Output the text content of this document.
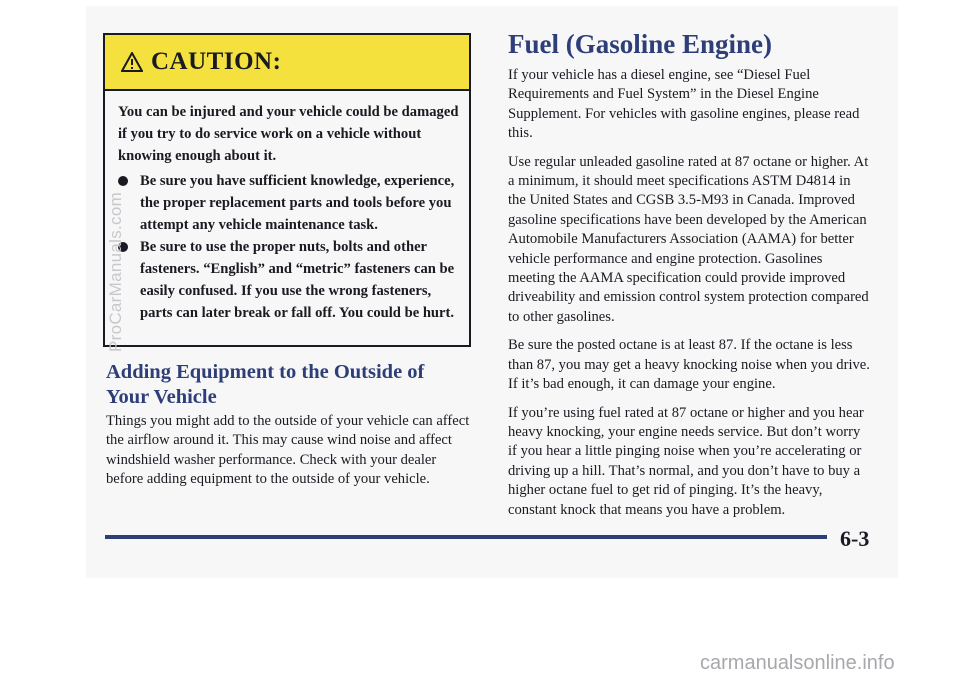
CAUTION:

You can be injured and your vehicle could be damaged if you try to do service work on a vehicle without knowing enough about it.

Be sure you have sufficient knowledge, experience, the proper replacement parts and tools before you attempt any vehicle maintenance task.
Be sure to use the proper nuts, bolts and other fasteners. “English” and “metric” fasteners can be easily confused. If you use the wrong fasteners, parts can later break or fall off. You could be hurt.
Adding Equipment to the Outside of Your Vehicle

Things you might add to the outside of your vehicle can affect the airflow around it. This may cause wind noise and affect windshield washer performance. Check with your dealer before adding equipment to the outside of your vehicle.

Fuel (Gasoline Engine)

If your vehicle has a diesel engine, see “Diesel Fuel Requirements and Fuel System” in the Diesel Engine Supplement. For vehicles with gasoline engines, please read this.

Use regular unleaded gasoline rated at 87 octane or higher. At a minimum, it should meet specifications ASTM D4814 in the United States and CGSB 3.5-M93 in Canada. Improved gasoline specifications have been developed by the American Automobile Manufacturers Association (AAMA) for better vehicle performance and engine protection. Gasolines meeting the AAMA specification could provide improved driveability and emission control system protection compared to other gasolines.

Be sure the posted octane is at least 87. If the octane is less than 87, you may get a heavy knocking noise when you drive. If it’s bad enough, it can damage your engine.

If you’re using fuel rated at 87 octane or higher and you hear heavy knocking, your engine needs service. But don’t worry if you hear a little pinging noise when you’re accelerating or driving up a hill. That’s normal, and you don’t have to buy a higher octane fuel to get rid of pinging. It’s the heavy, constant knock that means you have a problem.

6-3
ProCarManuals.com
carmanualsonline.info
